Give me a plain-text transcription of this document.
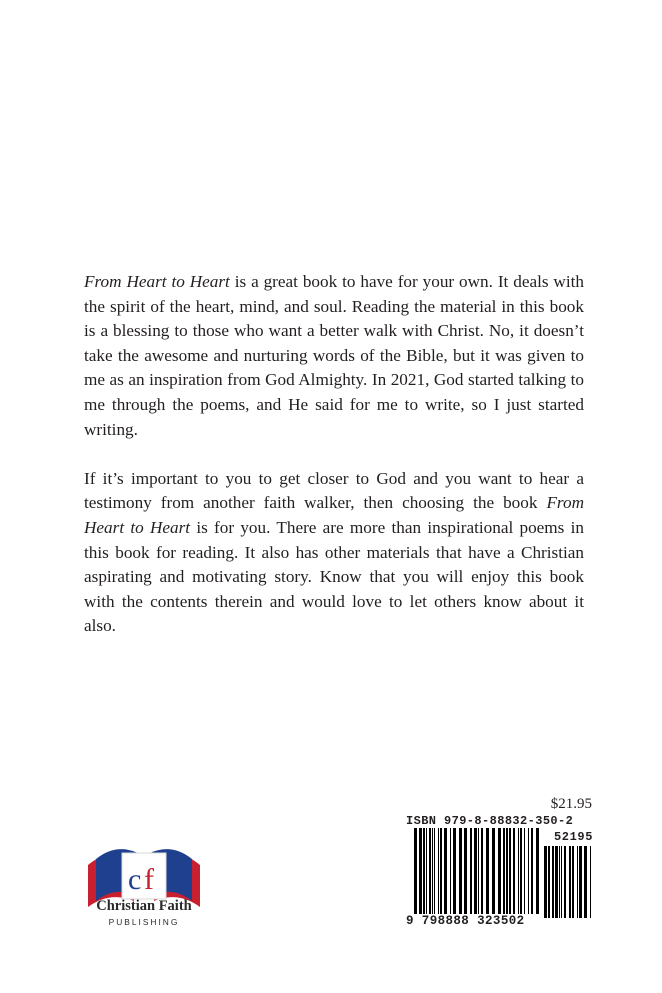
From Heart to Heart is a great book to have for your own. It deals with the spirit of the heart, mind, and soul. Reading the material in this book is a blessing to those who want a better walk with Christ. No, it doesn’t take the awesome and nurturing words of the Bible, but it was given to me as an inspiration from God Almighty. In 2021, God started talking to me through the poems, and He said for me to write, so I just started writing.

If it’s important to you to get closer to God and you want to hear a testimony from another faith walker, then choosing the book From Heart to Heart is for you. There are more than inspirational poems in this book for reading. It also has other materials that have a Christian aspirating and motivating story. Know that you will enjoy this book with the contents therein and would love to let others know about it also.

c f
Christian Faith
PUBLISHING
$21.95
ISBN 979-8-88832-350-2
52195
9 798888 323502
